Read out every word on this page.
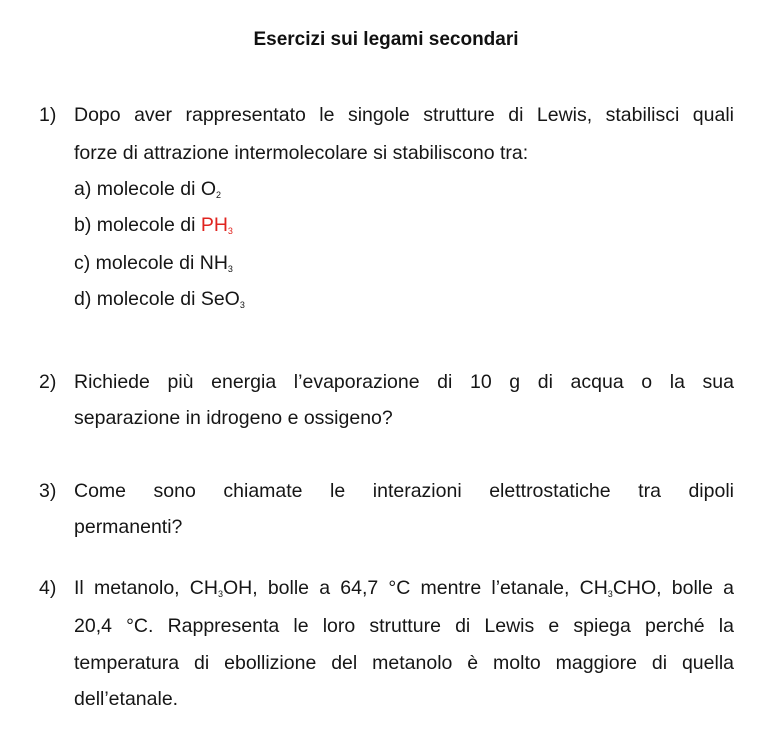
Esercizi sui legami secondari
1) Dopo aver rappresentato le singole strutture di Lewis, stabilisci quali
forze di attrazione intermolecolare si stabiliscono tra:
a) molecole di $O_2$
b) molecole di $PH_3$
c) molecole di $NH_3$
d) molecole di SeO$_3$
2) Richiede più energia l’evaporazione di 10 g di acqua o la sua
separazione in idrogeno e ossigeno?
3) Come sono chiamate le interazioni elettrostatiche tra dipoli
permanenti?
4) Il metanolo, $CH_3OH$, bolle a 64,7 °C mentre l’etanale, $CH_3CHO$, bolle a
20,4 °C. Rappresenta le loro strutture di Lewis e spiega perché la
temperatura di ebollizione del metanolo è molto maggiore di quella
dell’etanale.
